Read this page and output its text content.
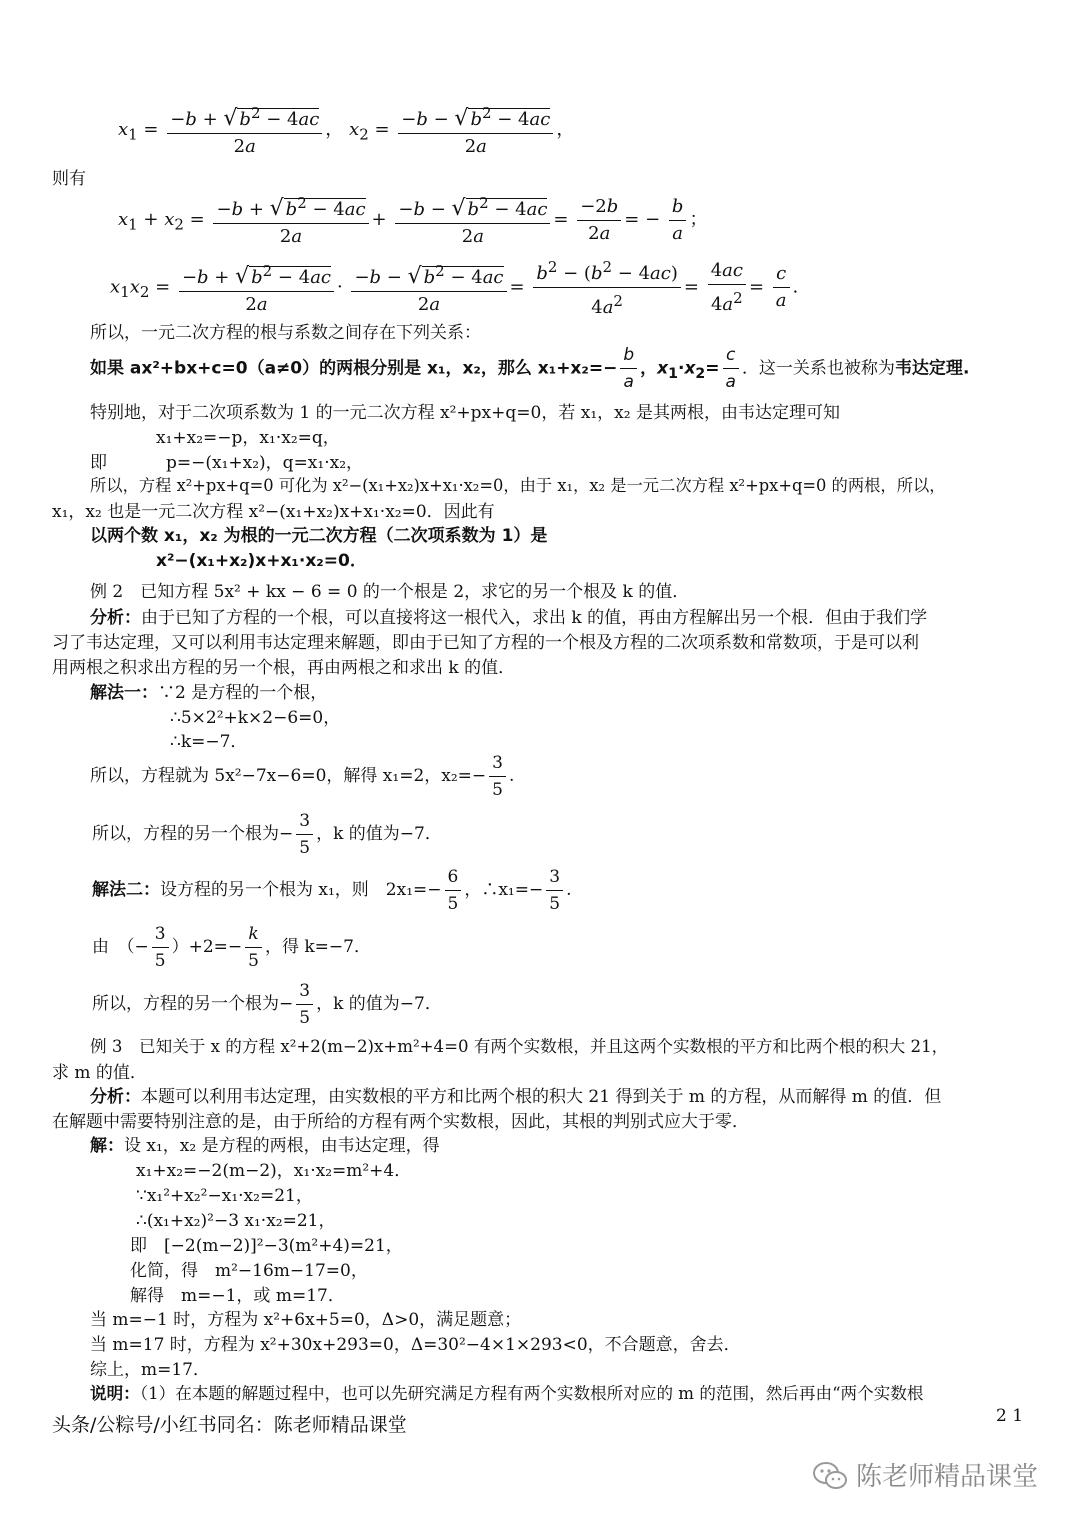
$x_1 = \frac{-b + √ b^2 - 4ac}{2a}$ ， $x_2 = \frac{-b - √ b^2 - 4ac}{2a}$ ，
则有
$x_1 + x_2 = \frac{-b + √ b^2 - 4ac}{2a} + \frac{-b - √ b^2 - 4ac}{2a} = \frac{-2b}{2a}$ = − $\frac{b}{a}$ ；
$x_1x_2 = \frac{-b + √ b^2 - 4ac}{2a} \cdot \frac{-b - √ b^2 - 4ac}{2a} = \frac{b^2 - (b^2 - 4ac)}{4a^2} = \frac{4ac}{4a^2} = \frac{c}{a}$ .
所以，一元二次方程的根与系数之间存在下列关系：
如果 ax²+bx+c=0（a≠0）的两根分别是 x₁，x₂，那么 $x_1+x_2=- \frac{b}{a}$ ，$x_1\cdot x_2= \frac{c}{a}$ ．这一关系也被称为韦达定理.
特别地，对于二次项系数为 1 的一元二次方程 x²+px+q=0，若 x₁，x₂ 是其两根，由韦达定理可知
x₁+x₂=−p，x₁·x₂=q，
即	p=−(x₁+x₂)，q=x₁·x₂，
所以，方程 x²+px+q=0 可化为 x²−(x₁+x₂)x+x₁·x₂=0，由于 x₁，x₂ 是一元二次方程 x²+px+q=0 的两根，所以，
x₁，x₂ 也是一元二次方程 x²−(x₁+x₂)x+x₁·x₂=0．因此有
以两个数 x₁，x₂ 为根的一元二次方程（二次项系数为 1）是
x²−(x₁+x₂)x+x₁·x₂=0．
例 2　已知方程 5x² + kx − 6 = 0 的一个根是 2，求它的另一个根及 k 的值．
分析：由于已知了方程的一个根，可以直接将这一根代入，求出 k 的值，再由方程解出另一个根．但由于我们学
习了韦达定理，又可以利用韦达定理来解题，即由于已知了方程的一个根及方程的二次项系数和常数项，于是可以利
用两根之积求出方程的另一个根，再由两根之和求出 k 的值．
解法一：∵2 是方程的一个根，
∴5×2²+k×2−6=0，
∴k=−7．
所以，方程就为 5x²−7x−6=0，解得 x₁=2，$x_2=- \frac{3}{5}$ .
所以，方程的另一个根为− $\frac{3}{5}$ ，k 的值为−7．
解法二：设方程的另一个根为 x₁，则　$2x_1=- \frac{6}{5}$ ，∴x₁=− $\frac{3}{5}$ .
由　（− $\frac{3}{5} )+2=- \frac{k}{5}$ ，得 k=−7．
所以，方程的另一个根为− $\frac{3}{5}$ ，k 的值为−7．
例 3　已知关于 x 的方程 x²+2(m−2)x+m²+4=0 有两个实数根，并且这两个实数根的平方和比两个根的积大 21，
求 m 的值．
分析：本题可以利用韦达定理，由实数根的平方和比两个根的积大 21 得到关于 m 的方程，从而解得 m 的值．但
在解题中需要特别注意的是，由于所给的方程有两个实数根，因此，其根的判别式应大于零．
解：设 x₁，x₂ 是方程的两根，由韦达定理，得
x₁+x₂=−2(m−2)，x₁·x₂=m²+4．
∵x₁²+x₂²−x₁·x₂=21，
∴(x₁+x₂)²−3 x₁·x₂=21，
即　[−2(m−2)]²−3(m²+4)=21，
化简，得　m²−16m−17=0，
解得　m=−1，或 m=17．
当 m=−1 时，方程为 x²+6x+5=0，Δ>0，满足题意；
当 m=17 时，方程为 x²+30x+293=0，Δ=30²−4×1×293<0，不合题意，舍去．
综上，m=17．
说明：（1）在本题的解题过程中，也可以先研究满足方程有两个实数根所对应的 m 的范围，然后再由“两个实数根
头条/公粽号/小红书同名：陈老师精品课堂	2 1
陈老师精品课堂
